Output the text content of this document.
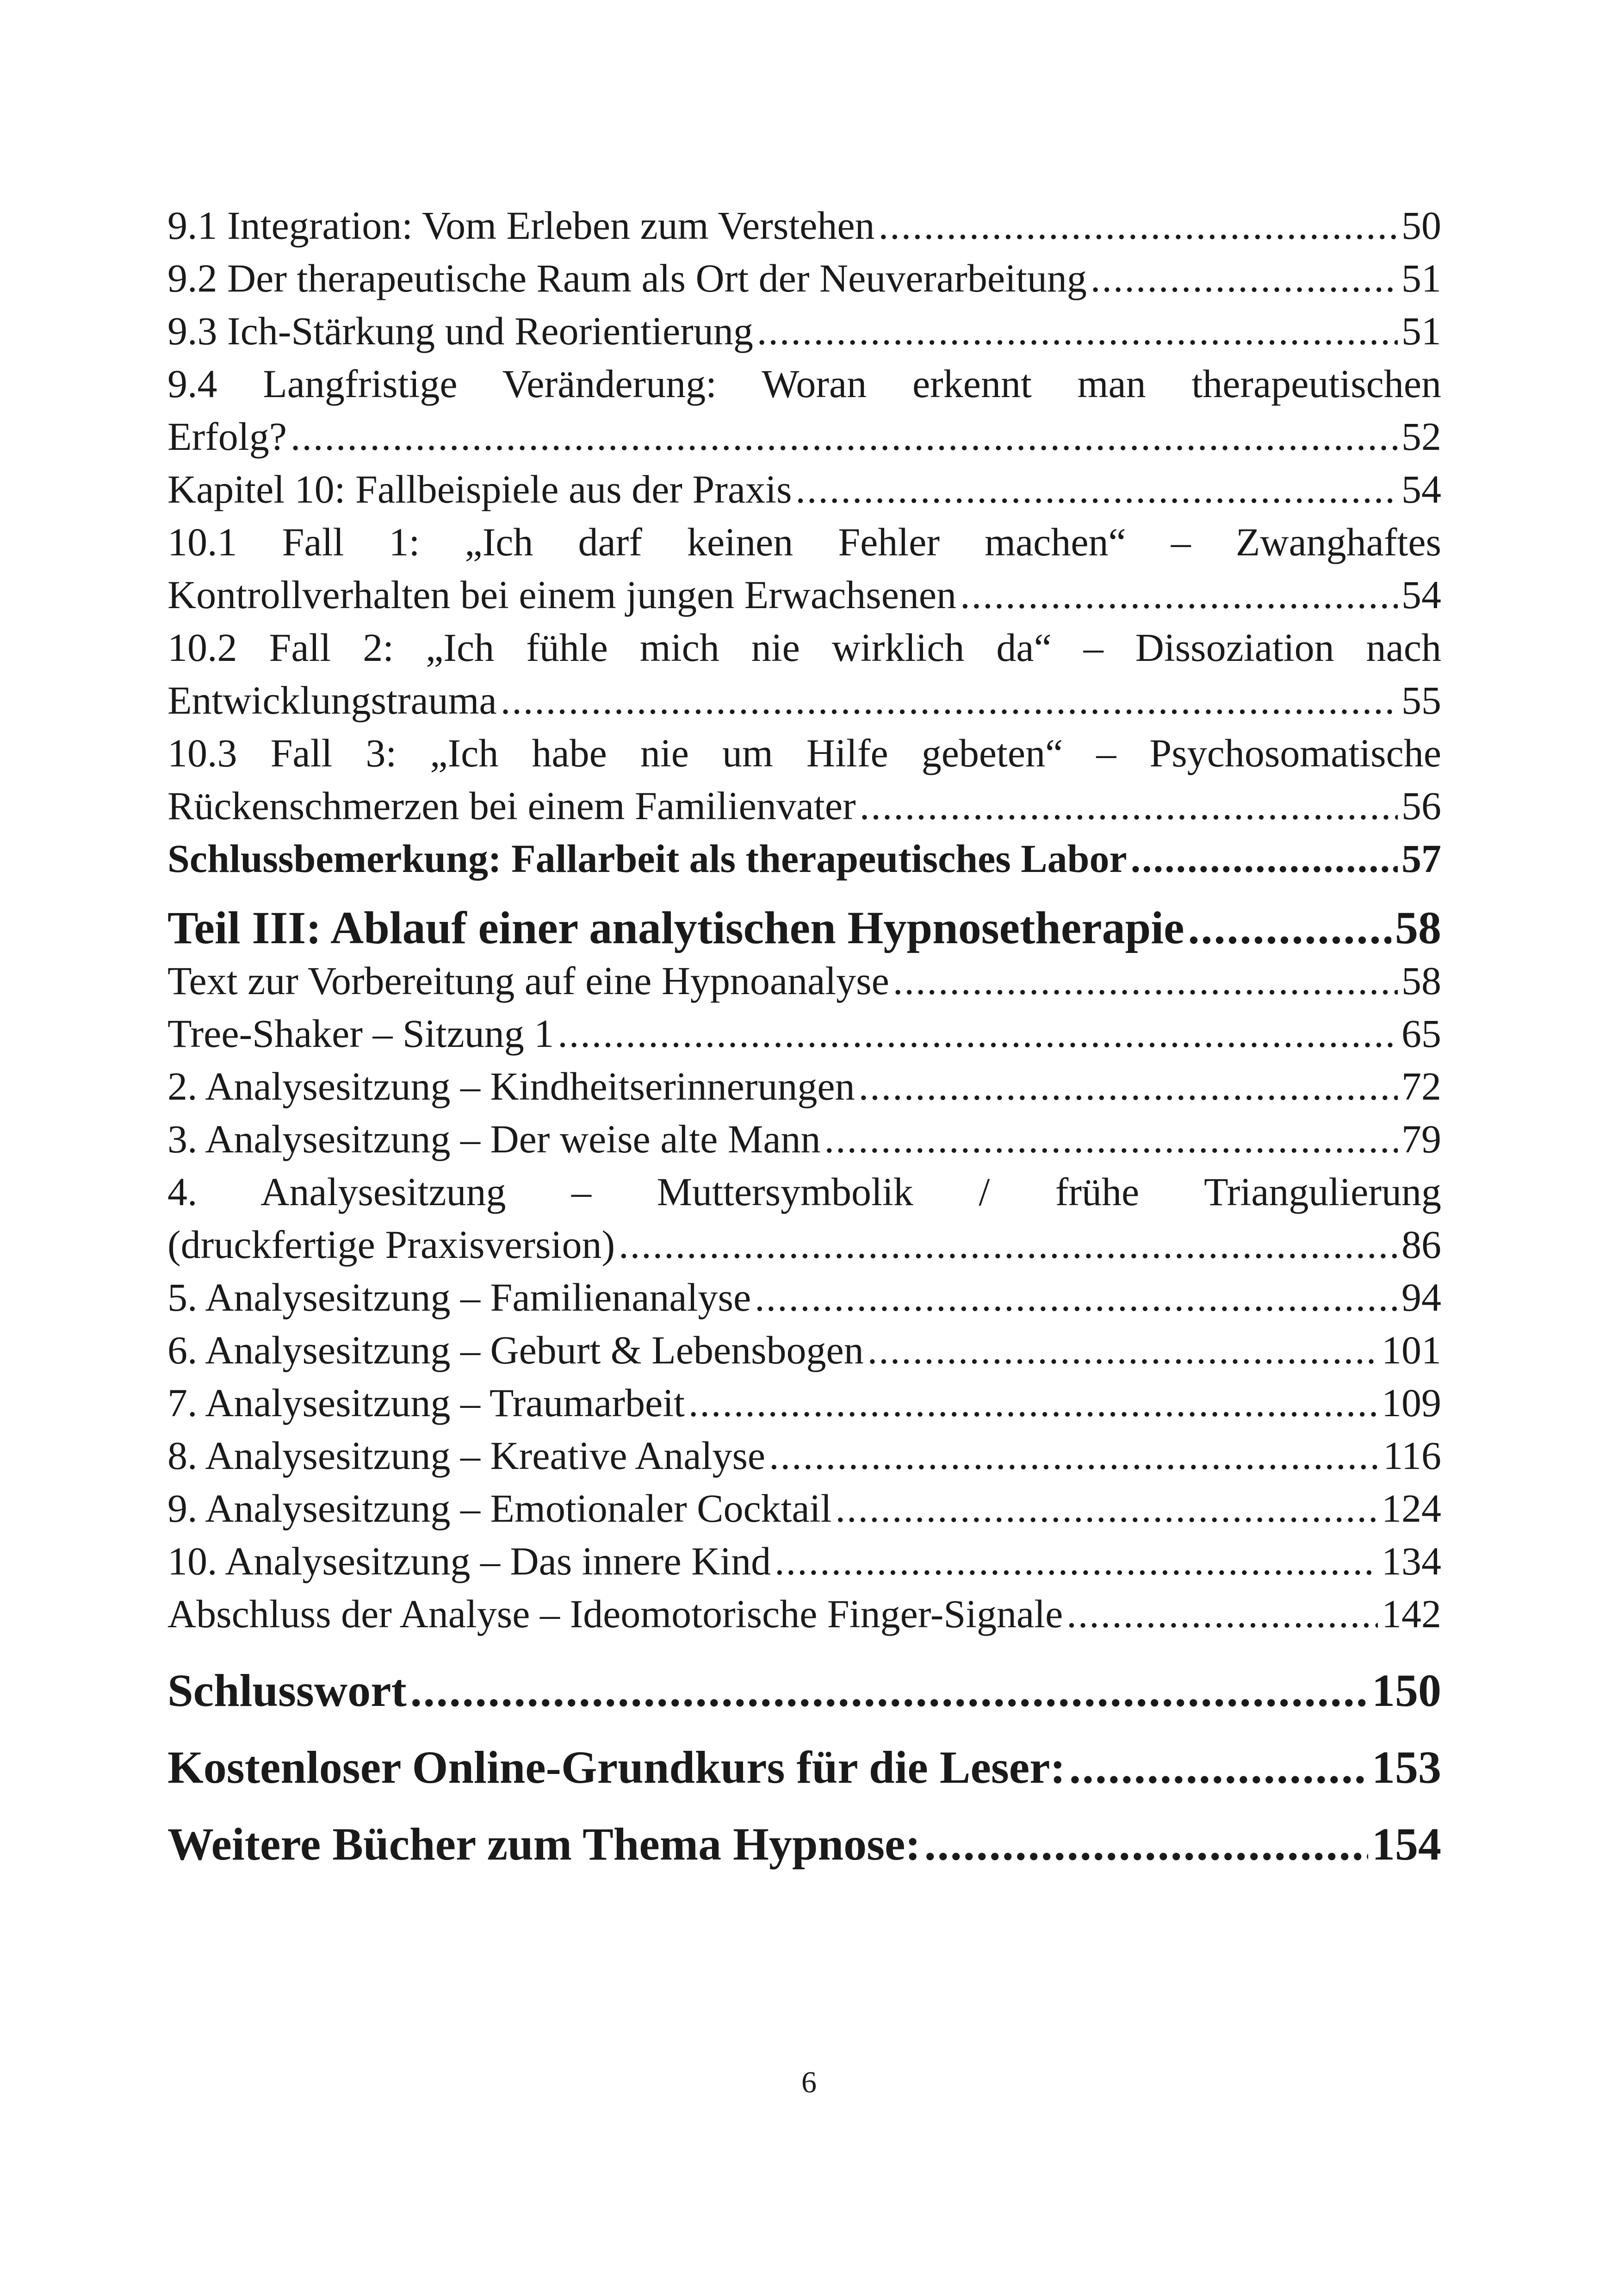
9.1 Integration: Vom Erleben zum Verstehen .....	50
9.2 Der therapeutische Raum als Ort der Neuverarbeitung .....	51
9.3 Ich-Stärkung und Reorientierung .....	51
9.4 Langfristige Veränderung: Woran erkennt man therapeutischen
Erfolg? .....	52
Kapitel 10: Fallbeispiele aus der Praxis .....	54
10.1 Fall 1: „Ich darf keinen Fehler machen“ – Zwanghaftes
Kontrollverhalten bei einem jungen Erwachsenen .....	54
10.2 Fall 2: „Ich fühle mich nie wirklich da“ – Dissoziation nach
Entwicklungstrauma .....	55
10.3 Fall 3: „Ich habe nie um Hilfe gebeten“ – Psychosomatische
Rückenschmerzen bei einem Familienvater .....	56
Schlussbemerkung: Fallarbeit als therapeutisches Labor .....	57
Teil III: Ablauf einer analytischen Hypnosetherapie .....	58
Text zur Vorbereitung auf eine Hypnoanalyse .....	58
Tree-Shaker – Sitzung 1 .....	65
2. Analysesitzung – Kindheitserinnerungen .....	72
3. Analysesitzung – Der weise alte Mann .....	79
4. Analysesitzung – Muttersymbolik / frühe Triangulierung
(druckfertige Praxisversion) .....	86
5. Analysesitzung – Familienanalyse .....	94
6. Analysesitzung – Geburt & Lebensbogen .....	101
7. Analysesitzung – Traumarbeit .....	109
8. Analysesitzung – Kreative Analyse .....	116
9. Analysesitzung – Emotionaler Cocktail .....	124
10. Analysesitzung – Das innere Kind .....	134
Abschluss der Analyse – Ideomotorische Finger-Signale .....	142
Schlusswort .....	150
Kostenloser Online-Grundkurs für die Leser: .....	153
Weitere Bücher zum Thema Hypnose: .....	154
6
